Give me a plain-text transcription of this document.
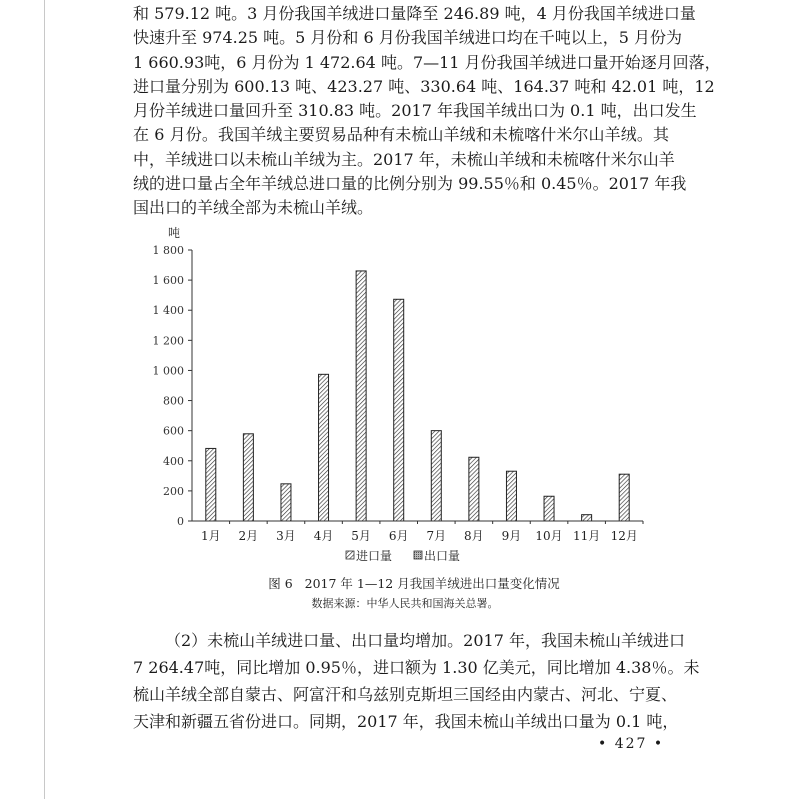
和 579.12 吨。3 月份我国羊绒进口量降至 246.89 吨，4 月份我国羊绒进口量
快速升至 974.25 吨。5 月份和 6 月份我国羊绒进口均在千吨以上，5 月份为
1 660.93吨，6 月份为 1 472.64 吨。7—11 月份我国羊绒进口量开始逐月回落，
进口量分别为 600.13 吨、423.27 吨、330.64 吨、164.37 吨和 42.01 吨，12
月份羊绒进口量回升至 310.83 吨。2017 年我国羊绒出口为 0.1 吨，出口发生
在 6 月份。我国羊绒主要贸易品种有未梳山羊绒和未梳喀什米尔山羊绒。其
中，羊绒进口以未梳山羊绒为主。2017 年，未梳山羊绒和未梳喀什米尔山羊
绒的进口量占全年羊绒总进口量的比例分别为 99.55％和 0.45％。2017 年我
国出口的羊绒全部为未梳山羊绒。
吨
0
200
400
600
800
1 000
1 200
1 400
1 600
1 800
1月 2月 3月 4月 5月 6月 7月 8月 9月 10月 11月 12月
进口量	出口量
图 6   2017 年 1—12 月我国羊绒进出口量变化情况
数据来源：中华人民共和国海关总署。
（2）未梳山羊绒进口量、出口量均增加。2017 年，我国未梳山羊绒进口
7 264.47吨，同比增加 0.95％，进口额为 1.30 亿美元，同比增加 4.38％。未
梳山羊绒全部自蒙古、阿富汗和乌兹别克斯坦三国经由内蒙古、河北、宁夏、
天津和新疆五省份进口。同期，2017 年，我国未梳山羊绒出口量为 0.1 吨，
• 427 •
